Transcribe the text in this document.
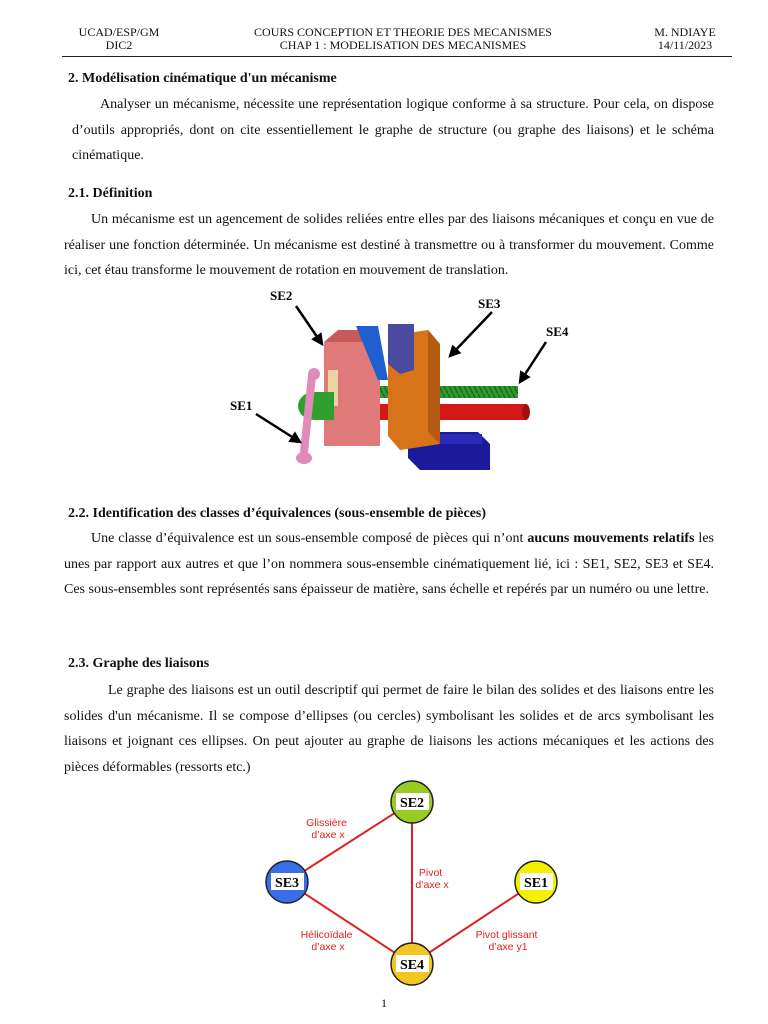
UCAD/ESP/GM
DIC2
COURS CONCEPTION ET THEORIE DES MECANISMES
CHAP 1 : MODELISATION DES MECANISMES
M. NDIAYE
14/11/2023
2. Modélisation cinématique d'un mécanisme
Analyser un mécanisme, nécessite une représentation logique conforme à sa structure. Pour cela, on dispose d’outils appropriés, dont on cite essentiellement le graphe de structure (ou graphe des liaisons) et le schéma cinématique.
2.1. Définition
Un mécanisme est un agencement de solides reliées entre elles par des liaisons mécaniques et conçu en vue de réaliser une fonction déterminée. Un mécanisme est destiné à transmettre ou à transformer du mouvement. Comme ici, cet étau transforme le mouvement de rotation en mouvement de translation.
SE2
SE3
SE4
SE1
2.2. Identification des classes d’équivalences (sous-ensemble de pièces)
Une classe d’équivalence est un sous-ensemble composé de pièces qui n’ont aucuns mouvements relatifs les unes par rapport aux autres et que l’on nommera sous-ensemble cinématiquement lié, ici : SE1, SE2, SE3 et SE4. Ces sous-ensembles sont représentés sans épaisseur de matière, sans échelle et repérés par un numéro ou une lettre.
2.3. Graphe des liaisons
Le graphe des liaisons est un outil descriptif qui permet de faire le bilan des solides et des liaisons entre les solides d'un mécanisme. Il se compose d’ellipses (ou cercles) symbolisant les solides et de arcs symbolisant les liaisons et joignant ces ellipses. On peut ajouter au graphe de liaisons les actions mécaniques et les actions des pièces déformables (ressorts etc.)
Glissière d’axe x
Pivot d’axe x
Hélicoïdale d’axe x
Pivot glissant d’axe y1
SE2
SE3	SE1
SE4
1
